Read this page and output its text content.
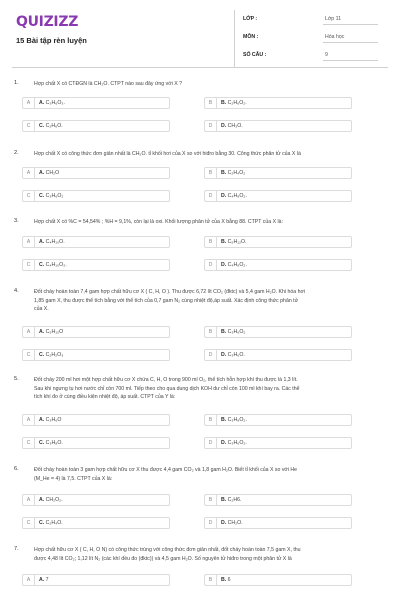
QUIZIZZ
15 Bài tập rèn luyện
LỚP :	Lớp 11
MÔN :	Hóa học
SỐ CÂU :	9
1.	Hợp chất X có CTĐGN là CH₂O. CTPT nào sau đây ứng với X ?
A	A. C₃H₆O₃.	B	B. C₂H₆O₂.
C	C. C₂H₆O.	D	D. CH₃O.
2.	Hợp chất X có công thức đơn giản nhất là CH₂O. tỉ khối hơi của X so với hiđro bằng 30. Công thức phân tử của X là
A	A. CH₂O	B	B. C₂H₄O₂
C	C. C₃H₆O₂	D	D. C₄H₈O₂.
3.	Hợp chất X có %C = 54,54% ; %H = 9,1%, còn lại là oxi. Khối lượng phân tử của X bằng 88. CTPT của X là:
A	A. C₄H₁₀O.	B	B. C₅H₁₂O.
C	C. C₄H₁₀O₂.	D	D. C₄H₈O₂.
4.	Đốt cháy hoàn toàn 7,4 gam hợp chất hữu cơ X ( C, H, O ). Thu được 6,72 lít CO₂ (đktc) và 5,4 gam H₂O. Khi hóa hơi
1,85 gam X, thu được thể tích bằng với thể tích của 0,7 gam N₂ cùng nhiệt độ,áp suất. Xác định công thức phân tử
của X.
A	A. C₅H₁₀O	B	B. C₃H₆O₂
C	C. C₂H₂O₃	D	D. C₃H₆O.
5.	Đốt cháy 200 ml hơi một hợp chất hữu cơ X chứa C, H, O trong 900 ml O₂, thể tích hỗn hợp khí thu được là 1,3 lít.
Sau khi ngưng tụ hơi nước chỉ còn 700 ml. Tiếp theo cho qua dung dịch KOH dư chỉ còn 100 ml khí bay ra. Các thể
tích khí đo ở cùng điều kiện nhiệt độ, áp suất. CTPT của Y là:
A	A. C₃H₆O	B	B. C₃H₈O₂.
C	C. C₃H₈O.	D	D. C₃H₆O₂.
6.	Đốt cháy hoàn toàn 3 gam hợp chất hữu cơ X thu được 4,4 gam CO₂ và 1,8 gam H₂O. Biết tỉ khối của X so với He
(M_He = 4) là 7,5. CTPT của X là:
A	A. CH₂O₂.	B	B. C₂H6.
C	C. C₂H₄O.	D	D. CH₂O.
7.	Hợp chất hữu cơ X ( C, H, O N) có công thức trùng với công thức đơn giản nhất, đốt cháy hoàn toàn 7,5 gam X, thu
được 4,48 lít CO₂; 1,12 lít N₂ (các khí đều đo (đktc)) và 4,5 gam H₂O. Số nguyên tử hiđro trong một phân tử X là
A	A. 7	B	B. 6
